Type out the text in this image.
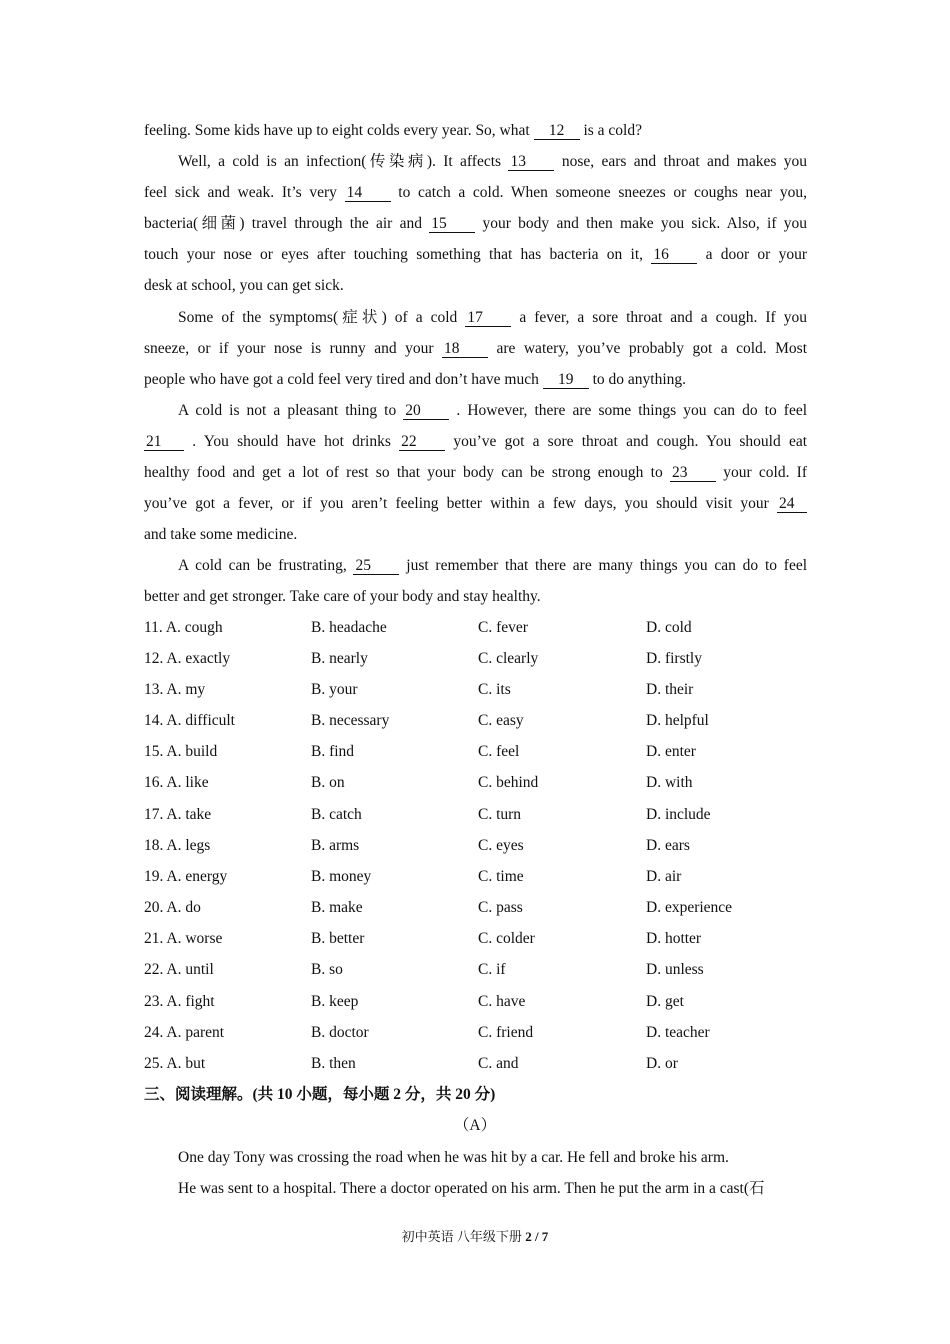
feeling. Some kids have up to eight colds every year. So, what 12 is a cold?
Well, a cold is an infection(传染病). It affects 13 nose, ears and throat and makes you
feel sick and weak. It’s very 14 to catch a cold. When someone sneezes or coughs near you,
bacteria(细菌) travel through the air and 15 your body and then make you sick. Also, if you
touch your nose or eyes after touching something that has bacteria on it, 16 a door or your
desk at school, you can get sick.
Some of the symptoms(症状) of a cold 17 a fever, a sore throat and a cough. If you
sneeze, or if your nose is runny and your 18 are watery, you’ve probably got a cold. Most
people who have got a cold feel very tired and don’t have much 19 to do anything.
A cold is not a pleasant thing to 20 . However, there are some things you can do to feel
21 . You should have hot drinks 22 you’ve got a sore throat and cough. You should eat
healthy food and get a lot of rest so that your body can be strong enough to 23 your cold. If
you’ve got a fever, or if you aren’t feeling better within a few days, you should visit your 24
and take some medicine.
A cold can be frustrating, 25 just remember that there are many things you can do to feel
better and get stronger. Take care of your body and stay healthy.
11. A. cough	B. headache	C. fever	D. cold
12. A. exactly	B. nearly	C. clearly	D. firstly
13. A. my	B. your	C. its	D. their
14. A. difficult	B. necessary	C. easy	D. helpful
15. A. build	B. find	C. feel	D. enter
16. A. like	B. on	C. behind	D. with
17. A. take	B. catch	C. turn	D. include
18. A. legs	B. arms	C. eyes	D. ears
19. A. energy	B. money	C. time	D. air
20. A. do	B. make	C. pass	D. experience
21. A. worse	B. better	C. colder	D. hotter
22. A. until	B. so	C. if	D. unless
23. A. fight	B. keep	C. have	D. get
24. A. parent	B. doctor	C. friend	D. teacher
25. A. but	B. then	C. and	D. or
三、阅读理解。(共 10 小题，每小题 2 分，共 20 分)
（A）
One day Tony was crossing the road when he was hit by a car. He fell and broke his arm.
He was sent to a hospital. There a doctor operated on his arm. Then he put the arm in a cast(石
初中英语 八年级下册 2 / 7
